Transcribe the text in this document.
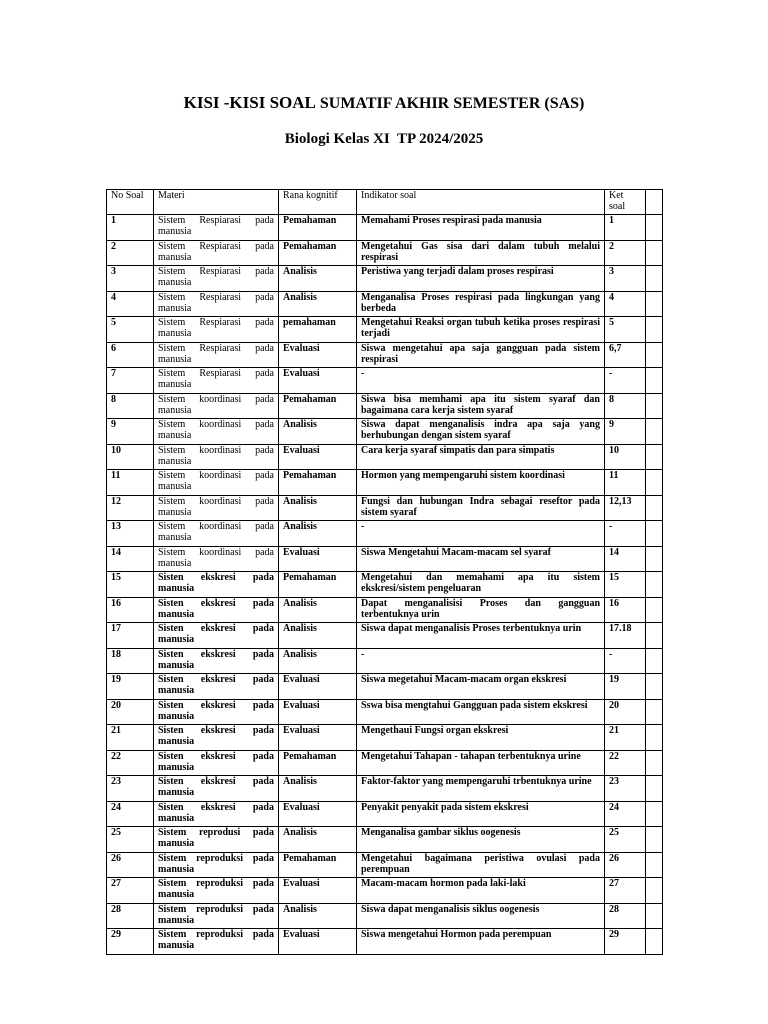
KISI -KISI SOAL SUMATIF AKHIR SEMESTER (SAS)
Biologi Kelas XI  TP 2024/2025
No Soal	Materi	Rana kognitif	Indikator soal	Ket soal	
1	Sistem Respiarasi pada manusia	Pemahaman	Memahami Proses respirasi pada manusia	1	
2	Sistem Respiarasi pada manusia	Pemahaman	Mengetahui Gas sisa dari dalam tubuh melalui respirasi	2	
3	Sistem Respiarasi pada manusia	Analisis	Peristiwa yang terjadi dalam proses respirasi	3	
4	Sistem Respiarasi pada manusia	Analisis	Menganalisa Proses respirasi pada lingkungan yang berbeda	4	
5	Sistem Respiarasi pada manusia	pemahaman	Mengetahui Reaksi organ tubuh ketika proses respirasi terjadi	5	
6	Sistem Respiarasi pada manusia	Evaluasi	Siswa mengetahui apa saja gangguan pada sistem respirasi	6,7	
7	Sistem Respiarasi pada manusia	Evaluasi	-	-	
8	Sistem koordinasi pada manusia	Pemahaman	Siswa bisa memhami apa itu sistem syaraf dan bagaimana cara kerja sistem syaraf	8	
9	Sistem koordinasi pada manusia	Analisis	Siswa dapat menganalisis indra apa saja yang berhubungan dengan sistem syaraf	9	
10	Sistem koordinasi pada manusia	Evaluasi	Cara kerja syaraf simpatis dan para simpatis	10	
11	Sistem koordinasi pada manusia	Pemahaman	Hormon yang mempengaruhi sistem koordinasi	11	
12	Sistem koordinasi pada manusia	Analisis	Fungsi dan hubungan Indra sebagai reseftor pada sistem syaraf	12,13	
13	Sistem koordinasi pada manusia	Analisis	-	-	
14	Sistem koordinasi pada manusia	Evaluasi	Siswa Mengetahui Macam-macam sel syaraf	14	
15	Sisten ekskresi pada manusia	Pemahaman	Mengetahui dan memahami apa itu sistem ekskresi/sistem pengeluaran	15	
16	Sisten ekskresi pada manusia	Analisis	Dapat menganalisisi Proses dan gangguan terbentuknya urin	16	
17	Sisten ekskresi pada manusia	Analisis	Siswa dapat menganalisis Proses terbentuknya urin	17.18	
18	Sisten ekskresi pada manusia	Analisis	-	-	
19	Sisten ekskresi pada manusia	Evaluasi	Siswa megetahui Macam-macam organ ekskresi	19	
20	Sisten ekskresi pada manusia	Evaluasi	Sswa bisa mengtahui Gangguan pada sistem ekskresi	20	
21	Sisten ekskresi pada manusia	Evaluasi	Mengethaui Fungsi organ ekskresi	21	
22	Sisten ekskresi pada manusia	Pemahaman	Mengetahui Tahapan - tahapan terbentuknya urine	22	
23	Sisten ekskresi pada manusia	Analisis	Faktor-faktor yang mempengaruhi trbentuknya urine	23	
24	Sisten ekskresi pada manusia	Evaluasi	Penyakit penyakit pada sistem ekskresi	24	
25	Sistem reprodusi pada manusia	Analisis	Menganalisa gambar siklus oogenesis	25	
26	Sistem reproduksi pada manusia	Pemahaman	Mengetahui bagaimana peristiwa ovulasi pada perempuan	26	
27	Sistem reproduksi pada manusia	Evaluasi	Macam-macam hormon pada laki-laki	27	
28	Sistem reproduksi pada manusia	Analisis	Siswa dapat menganalisis siklus oogenesis	28	
29	Sistem reproduksi pada manusia	Evaluasi	Siswa mengetahui Hormon pada perempuan	29	
